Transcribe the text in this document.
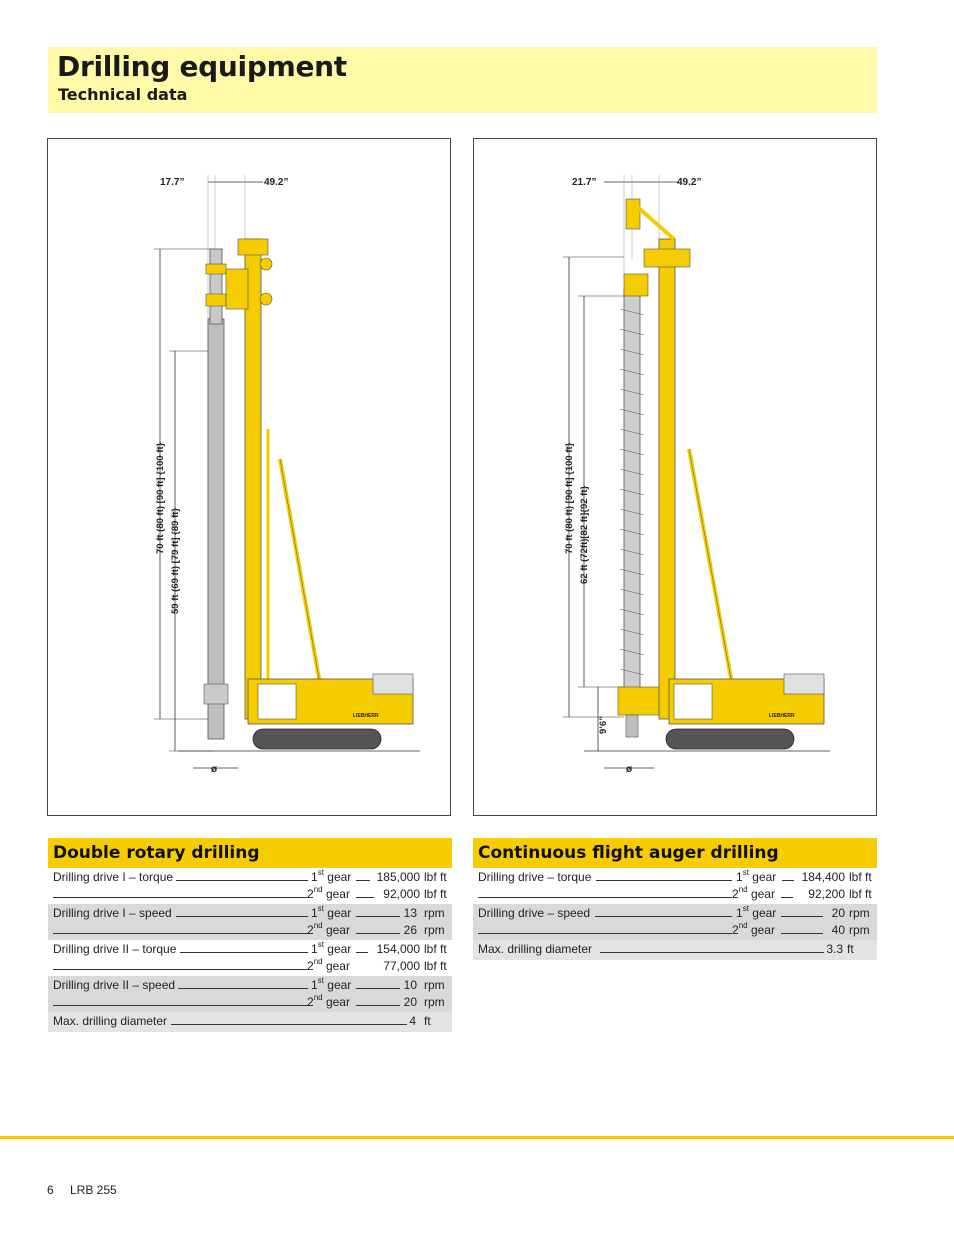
Drilling equipment
Technical data
17.7”	49.2”
70 ft (80 ft) [90 ft] {100 ft}
59 ft (69 ft) [79 ft] {89 ft}
LIEBHERR
ø
21.7”	49.2”
70 ft (80 ft) [90 ft] {100 ft} 62 ft (72ft)[82 ft]{92 ft}
9’6”
LIEBHERR
ø
Double rotary drilling
Drilling drive I – torque	1st gear 185,000 lbf ft
2nd gear	92,000 lbf ft
Drilling drive I – speed	1st gear	13 rpm
2nd gear	26 rpm
Drilling drive II – torque	1st gear 154,000 lbf ft
2nd gear	77,000 lbf ft
Drilling drive II – speed	1st gear	10 rpm
2nd gear	20 rpm
Max. drilling diameter	4 ft
Continuous flight auger drilling
Drilling drive – torque	1st gear 184,400 lbf ft
2nd gear	92,200 lbf ft
Drilling drive – speed	1st gear	20 rpm
2nd gear	40 rpm
Max. drilling diameter	3.3 ft
6 LRB 255
